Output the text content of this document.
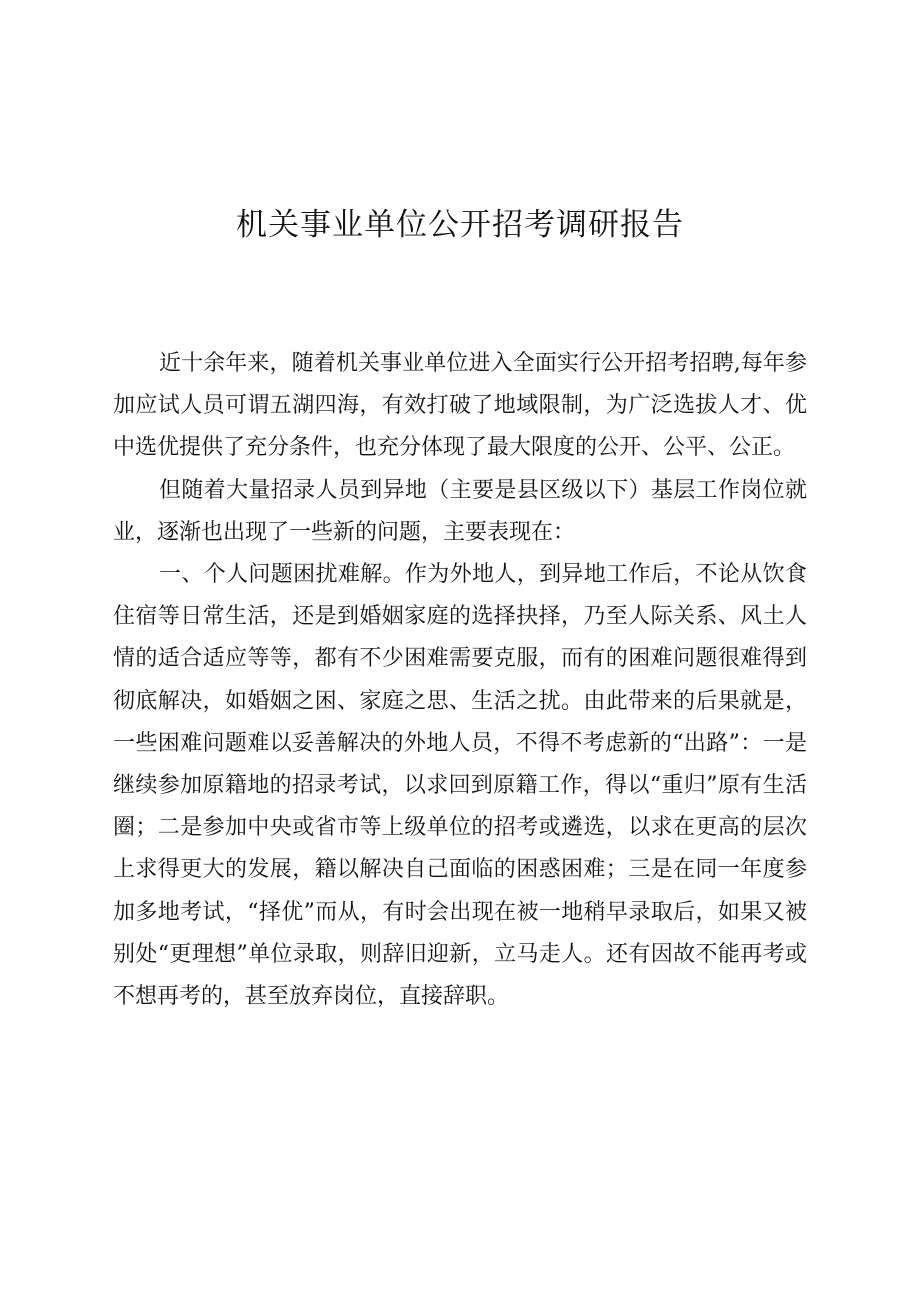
机关事业单位公开招考调研报告

近十余年来，随着机关事业单位进入全面实行公开招考招聘,每年参加应试人员可谓五湖四海，有效打破了地域限制，为广泛选拔人才、优中选优提供了充分条件，也充分体现了最大限度的公开、公平、公正。

但随着大量招录人员到异地（主要是县区级以下）基层工作岗位就业，逐渐也出现了一些新的问题，主要表现在：

一、个人问题困扰难解。作为外地人，到异地工作后，不论从饮食住宿等日常生活，还是到婚姻家庭的选择抉择，乃至人际关系、风土人情的适合适应等等，都有不少困难需要克服，而有的困难问题很难得到彻底解决，如婚姻之困、家庭之思、生活之扰。由此带来的后果就是，一些困难问题难以妥善解决的外地人员，不得不考虑新的“出路”：一是继续参加原籍地的招录考试，以求回到原籍工作，得以“重归”原有生活圈；二是参加中央或省市等上级单位的招考或遴选，以求在更高的层次上求得更大的发展，籍以解决自己面临的困惑困难；三是在同一年度参加多地考试，“择优”而从，有时会出现在被一地稍早录取后，如果又被别处“更理想”单位录取，则辞旧迎新，立马走人。还有因故不能再考或不想再考的，甚至放弃岗位，直接辞职。
